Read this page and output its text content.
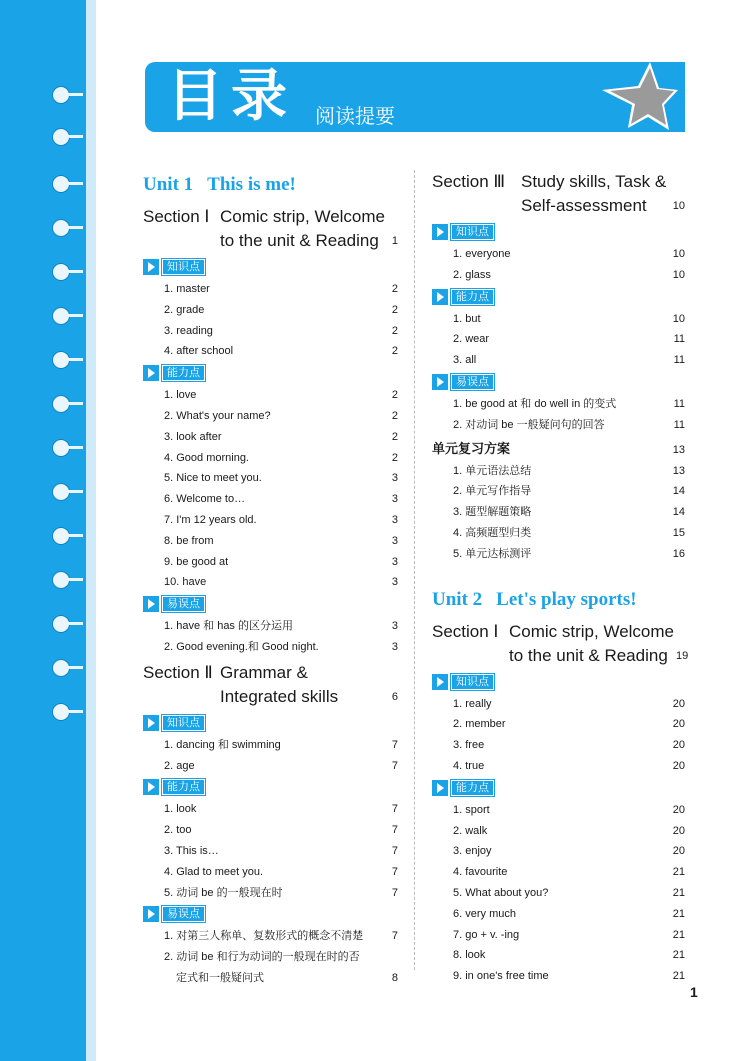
目录 阅读提要
Unit 1 This is me!
Section Ⅰ Comic strip, Welcome
to the unit & Reading	1
知识点
1. master	2
2. grade	2
3. reading	2
4. after school	2
能力点
1. love	2
2. What's your name?	2
3. look after	2
4. Good morning.	2
5. Nice to meet you.	3
6. Welcome to…	3
7. I'm 12 years old.	3
8. be from	3
9. be good at	3
10. have	3
易误点
1. have 和 has 的区分运用	3
2. Good evening.和 Good night.	3
Section Ⅱ Grammar &
Integrated skills	6
知识点
1. dancing 和 swimming	7
2. age	7
能力点
1. look	7
2. too	7
3. This is…	7
4. Glad to meet you.	7
5. 动词 be 的一般现在时	7
易误点
1. 对第三人称单、复数形式的概念不清楚	7
2. 动词 be 和行为动词的一般现在时的否
定式和一般疑问式	8
Section Ⅲ Study skills, Task &
Self-assessment	10
知识点
1. everyone	10
2. glass	10
能力点
1. but	10
2. wear	11
3. all	11
易误点
1. be good at 和 do well in 的变式	11
2. 对动词 be 一般疑问句的回答	11
单元复习方案	13
1. 单元语法总结	13
2. 单元写作指导	14
3. 题型解题策略	14
4. 高频题型归类	15
5. 单元达标测评	16
Unit 2 Let's play sports!
Section Ⅰ Comic strip, Welcome
to the unit & Reading 19
知识点
1. really	20
2. member	20
3. free	20
4. true	20
能力点
1. sport	20
2. walk	20
3. enjoy	20
4. favourite	21
5. What about you?	21
6. very much	21
7. go + v. -ing	21
8. look	21
9. in one's free time	21
1
